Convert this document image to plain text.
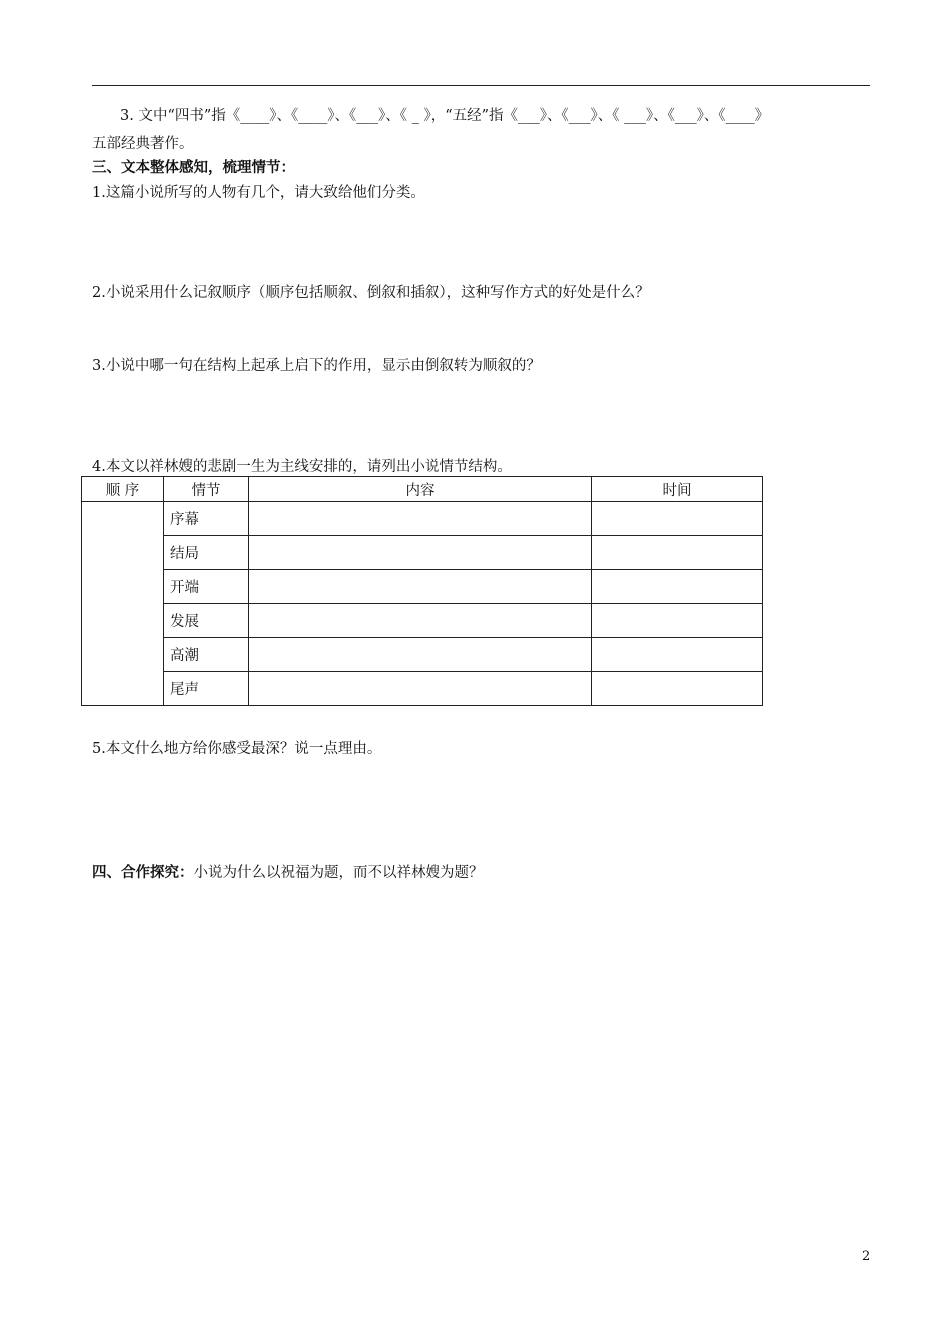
3. 文中“四书”指《____》、《____》、《___》、《 _ 》，“五经”指《___》、《___》、《 ___》、《___》、《____》
五部经典著作。
三、文本整体感知，梳理情节：
1.这篇小说所写的人物有几个，请大致给他们分类。
2.小说采用什么记叙顺序（顺序包括顺叙、倒叙和插叙），这种写作方式的好处是什么？
3.小说中哪一句在结构上起承上启下的作用，显示由倒叙转为顺叙的？
4.本文以祥林嫂的悲剧一生为主线安排的，请列出小说情节结构。
顺 序	情节	内容	时间
	序幕		
	结局		
	开端		
	发展		
	高潮		
	尾声		
5.本文什么地方给你感受最深？说一点理由。
四、合作探究：小说为什么以祝福为题，而不以祥林嫂为题？
2
